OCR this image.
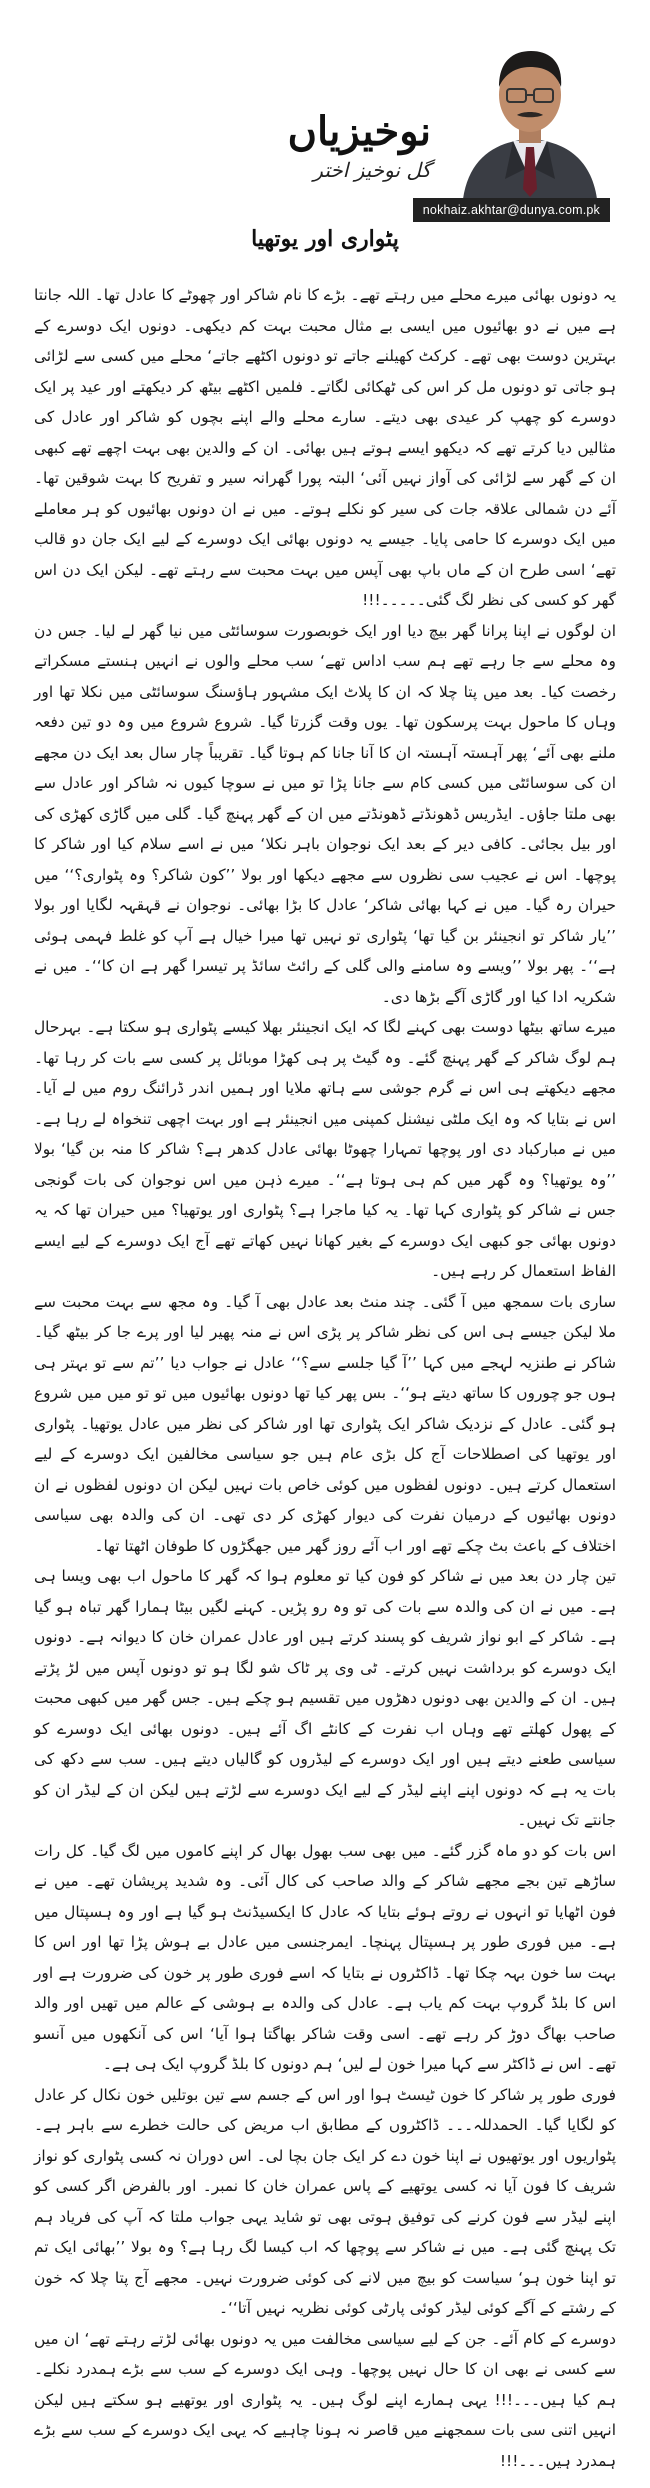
نوخیزیاں
گل نوخیز اختر
nokhaiz.akhtar@dunya.com.pk
پٹواری اور یوتھیا

یہ دونوں بھائی میرے محلے میں رہتے تھے۔ بڑے کا نام شاکر اور چھوٹے کا عادل تھا۔ اللہ جانتا ہے میں نے دو بھائیوں میں ایسی بے مثال محبت بہت کم دیکھی۔ دونوں ایک دوسرے کے بہترین دوست بھی تھے۔ کرکٹ کھیلنے جاتے تو دونوں اکٹھے جاتے‘ محلے میں کسی سے لڑائی ہو جاتی تو دونوں مل کر اس کی ٹھکائی لگاتے۔ فلمیں اکٹھے بیٹھ کر دیکھتے اور عید پر ایک دوسرے کو چھپ کر عیدی بھی دیتے۔ سارے محلے والے اپنے بچوں کو شاکر اور عادل کی مثالیں دیا کرتے تھے کہ دیکھو ایسے ہوتے ہیں بھائی۔ ان کے والدین بھی بہت اچھے تھے کبھی ان کے گھر سے لڑائی کی آواز نہیں آئی‘ البتہ پورا گھرانہ سیر و تفریح کا بہت شوقین تھا۔ آئے دن شمالی علاقہ جات کی سیر کو نکلے ہوتے۔ میں نے ان دونوں بھائیوں کو ہر معاملے میں ایک دوسرے کا حامی پایا۔ جیسے یہ دونوں بھائی ایک دوسرے کے لیے ایک جان دو قالب تھے‘ اسی طرح ان کے ماں باپ بھی آپس میں بہت محبت سے رہتے تھے۔ لیکن ایک دن اس گھر کو کسی کی نظر لگ گئی۔۔۔۔۔!!!

ان لوگوں نے اپنا پرانا گھر بیچ دیا اور ایک خوبصورت سوسائٹی میں نیا گھر لے لیا۔ جس دن وہ محلے سے جا رہے تھے ہم سب اداس تھے‘ سب محلے والوں نے انہیں ہنستے مسکراتے رخصت کیا۔ بعد میں پتا چلا کہ ان کا پلاٹ ایک مشہور ہاؤسنگ سوسائٹی میں نکلا تھا اور وہاں کا ماحول بہت پرسکون تھا۔ یوں وقت گزرتا گیا۔ شروع شروع میں وہ دو تین دفعہ ملنے بھی آئے‘ پھر آہستہ آہستہ ان کا آنا جانا کم ہوتا گیا۔ تقریباً چار سال بعد ایک دن مجھے ان کی سوسائٹی میں کسی کام سے جانا پڑا تو میں نے سوچا کیوں نہ شاکر اور عادل سے بھی ملتا جاؤں۔ ایڈریس ڈھونڈتے ڈھونڈتے میں ان کے گھر پہنچ گیا۔ گلی میں گاڑی کھڑی کی اور بیل بجائی۔ کافی دیر کے بعد ایک نوجوان باہر نکلا‘ میں نے اسے سلام کیا اور شاکر کا پوچھا۔ اس نے عجیب سی نظروں سے مجھے دیکھا اور بولا ’’کون شاکر؟ وہ پٹواری؟‘‘ میں حیران رہ گیا۔ میں نے کہا بھائی شاکر‘ عادل کا بڑا بھائی۔ نوجوان نے قہقہہ لگایا اور بولا ’’یار شاکر تو انجینئر بن گیا تھا‘ پٹواری تو نہیں تھا میرا خیال ہے آپ کو غلط فہمی ہوئی ہے‘‘۔ پھر بولا ’’ویسے وہ سامنے والی گلی کے رائٹ سائڈ پر تیسرا گھر ہے ان کا‘‘۔ میں نے شکریہ ادا کیا اور گاڑی آگے بڑھا دی۔

میرے ساتھ بیٹھا دوست بھی کہنے لگا کہ ایک انجینئر بھلا کیسے پٹواری ہو سکتا ہے۔ بہرحال ہم لوگ شاکر کے گھر پہنچ گئے۔ وہ گیٹ پر ہی کھڑا موبائل پر کسی سے بات کر رہا تھا۔ مجھے دیکھتے ہی اس نے گرم جوشی سے ہاتھ ملایا اور ہمیں اندر ڈرائنگ روم میں لے آیا۔ اس نے بتایا کہ وہ ایک ملٹی نیشنل کمپنی میں انجینئر ہے اور بہت اچھی تنخواہ لے رہا ہے۔ میں نے مبارکباد دی اور پوچھا تمہارا چھوٹا بھائی عادل کدھر ہے؟ شاکر کا منہ بن گیا‘ بولا ’’وہ یوتھیا؟ وہ گھر میں کم ہی ہوتا ہے‘‘۔ میرے ذہن میں اس نوجوان کی بات گونجی جس نے شاکر کو پٹواری کہا تھا۔ یہ کیا ماجرا ہے؟ پٹواری اور یوتھیا؟ میں حیران تھا کہ یہ دونوں بھائی جو کبھی ایک دوسرے کے بغیر کھانا نہیں کھاتے تھے آج ایک دوسرے کے لیے ایسے الفاظ استعمال کر رہے ہیں۔

ساری بات سمجھ میں آ گئی۔ چند منٹ بعد عادل بھی آ گیا۔ وہ مجھ سے بہت محبت سے ملا لیکن جیسے ہی اس کی نظر شاکر پر پڑی اس نے منہ پھیر لیا اور پرے جا کر بیٹھ گیا۔ شاکر نے طنزیہ لہجے میں کہا ’’آ گیا جلسے سے؟‘‘ عادل نے جواب دیا ’’تم سے تو بہتر ہی ہوں جو چوروں کا ساتھ دیتے ہو‘‘۔ بس پھر کیا تھا دونوں بھائیوں میں تو تو میں میں شروع ہو گئی۔ عادل کے نزدیک شاکر ایک پٹواری تھا اور شاکر کی نظر میں عادل یوتھیا۔ پٹواری اور یوتھیا کی اصطلاحات آج کل بڑی عام ہیں جو سیاسی مخالفین ایک دوسرے کے لیے استعمال کرتے ہیں۔ دونوں لفظوں میں کوئی خاص بات نہیں لیکن ان دونوں لفظوں نے ان دونوں بھائیوں کے درمیان نفرت کی دیوار کھڑی کر دی تھی۔ ان کی والدہ بھی سیاسی اختلاف کے باعث بٹ چکے تھے اور اب آئے روز گھر میں جھگڑوں کا طوفان اٹھتا تھا۔

تین چار دن بعد میں نے شاکر کو فون کیا تو معلوم ہوا کہ گھر کا ماحول اب بھی ویسا ہی ہے۔ میں نے ان کی والدہ سے بات کی تو وہ رو پڑیں۔ کہنے لگیں بیٹا ہمارا گھر تباہ ہو گیا ہے۔ شاکر کے ابو نواز شریف کو پسند کرتے ہیں اور عادل عمران خان کا دیوانہ ہے۔ دونوں ایک دوسرے کو برداشت نہیں کرتے۔ ٹی وی پر ٹاک شو لگا ہو تو دونوں آپس میں لڑ پڑتے ہیں۔ ان کے والدین بھی دونوں دھڑوں میں تقسیم ہو چکے ہیں۔ جس گھر میں کبھی محبت کے پھول کھلتے تھے وہاں اب نفرت کے کانٹے اگ آئے ہیں۔ دونوں بھائی ایک دوسرے کو سیاسی طعنے دیتے ہیں اور ایک دوسرے کے لیڈروں کو گالیاں دیتے ہیں۔ سب سے دکھ کی بات یہ ہے کہ دونوں اپنے اپنے لیڈر کے لیے ایک دوسرے سے لڑتے ہیں لیکن ان کے لیڈر ان کو جانتے تک نہیں۔

اس بات کو دو ماہ گزر گئے۔ میں بھی سب بھول بھال کر اپنے کاموں میں لگ گیا۔ کل رات ساڑھے تین بجے مجھے شاکر کے والد صاحب کی کال آئی۔ وہ شدید پریشان تھے۔ میں نے فون اٹھایا تو انہوں نے روتے ہوئے بتایا کہ عادل کا ایکسیڈنٹ ہو گیا ہے اور وہ ہسپتال میں ہے۔ میں فوری طور پر ہسپتال پہنچا۔ ایمرجنسی میں عادل بے ہوش پڑا تھا اور اس کا بہت سا خون بہہ چکا تھا۔ ڈاکٹروں نے بتایا کہ اسے فوری طور پر خون کی ضرورت ہے اور اس کا بلڈ گروپ بہت کم یاب ہے۔ عادل کی والدہ بے ہوشی کے عالم میں تھیں اور والد صاحب بھاگ دوڑ کر رہے تھے۔ اسی وقت شاکر بھاگتا ہوا آیا‘ اس کی آنکھوں میں آنسو تھے۔ اس نے ڈاکٹر سے کہا میرا خون لے لیں‘ ہم دونوں کا بلڈ گروپ ایک ہی ہے۔

فوری طور پر شاکر کا خون ٹیسٹ ہوا اور اس کے جسم سے تین بوتلیں خون نکال کر عادل کو لگایا گیا۔ الحمدللہ۔۔۔ ڈاکٹروں کے مطابق اب مریض کی حالت خطرے سے باہر ہے۔ پٹواریوں اور یوتھیوں نے اپنا خون دے کر ایک جان بچا لی۔ اس دوران نہ کسی پٹواری کو نواز شریف کا فون آیا نہ کسی یوتھیے کے پاس عمران خان کا نمبر۔ اور بالفرض اگر کسی کو اپنے لیڈر سے فون کرنے کی توفیق ہوتی بھی تو شاید یہی جواب ملتا کہ آپ کی فریاد ہم تک پہنچ گئی ہے۔ میں نے شاکر سے پوچھا کہ اب کیسا لگ رہا ہے؟ وہ بولا ’’بھائی ایک تم تو اپنا خون ہو‘ سیاست کو بیچ میں لانے کی کوئی ضرورت نہیں۔ مجھے آج پتا چلا کہ خون کے رشتے کے آگے کوئی لیڈر کوئی پارٹی کوئی نظریہ نہیں آتا‘‘۔

دوسرے کے کام آئے۔ جن کے لیے سیاسی مخالفت میں یہ دونوں بھائی لڑتے رہتے تھے‘ ان میں سے کسی نے بھی ان کا حال نہیں پوچھا۔ وہی ایک دوسرے کے سب سے بڑے ہمدرد نکلے۔ ہم کیا ہیں۔۔۔!!! یہی ہمارے اپنے لوگ ہیں۔ یہ پٹواری اور یوتھیے ہو سکتے ہیں لیکن انہیں اتنی سی بات سمجھنے میں قاصر نہ ہونا چاہیے کہ یہی ایک دوسرے کے سب سے بڑے ہمدرد ہیں۔۔۔!!!
